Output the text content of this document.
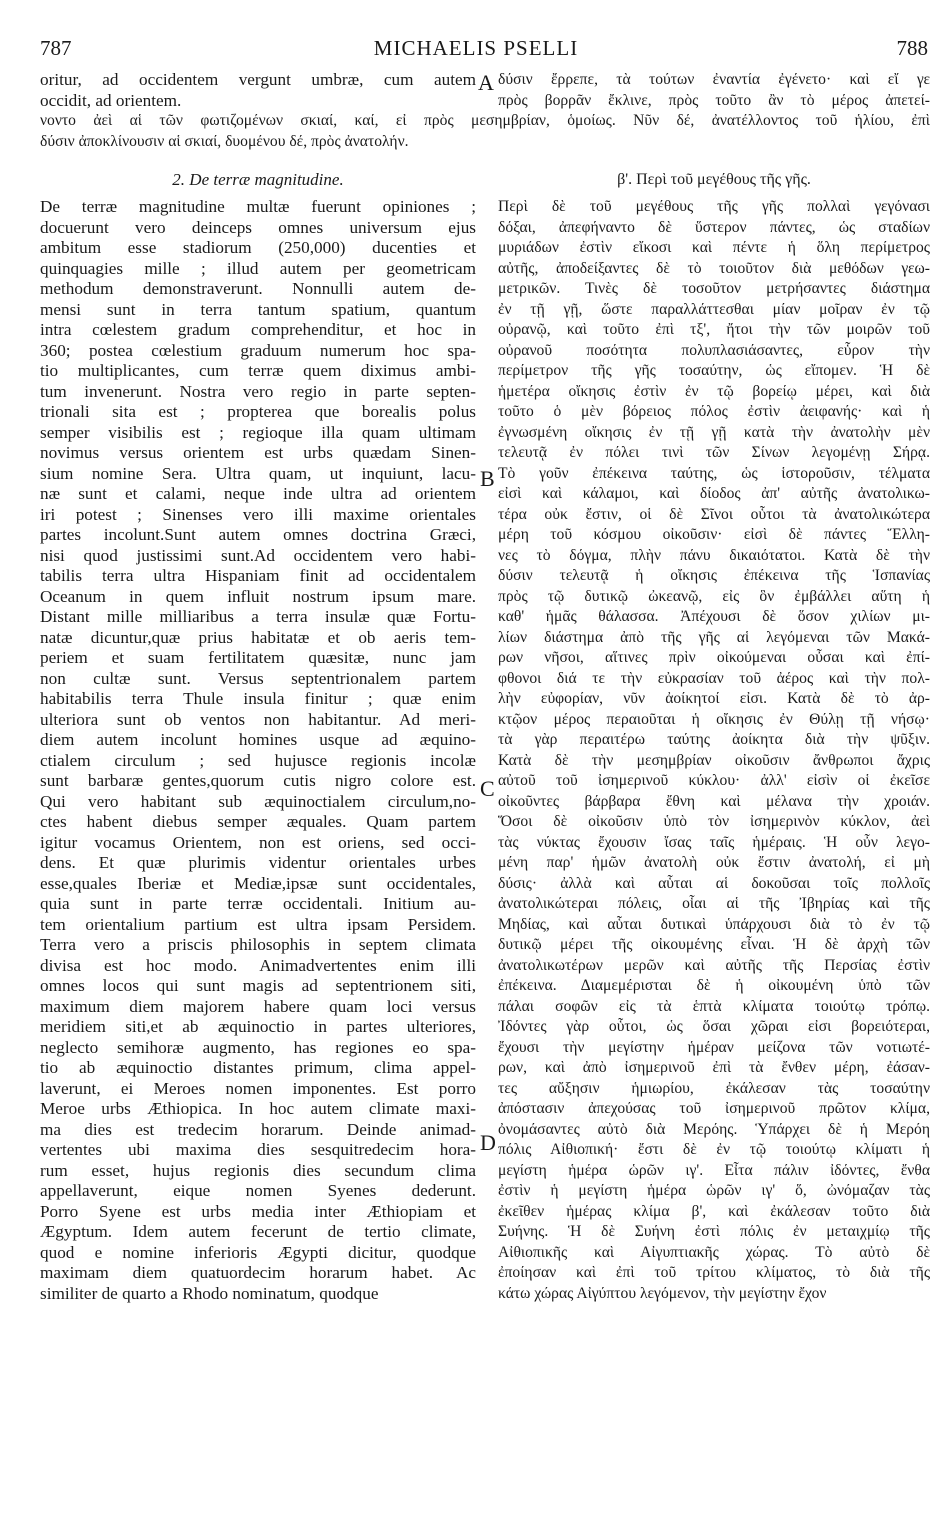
787	MICHAELIS PSELLI	788
oritur, ad occidentem vergunt umbræ, cum autem
occidit, ad orientem.
δύσιν ἔρρεπε, τὰ τούτων ἐναντία ἐγένετο· καὶ εἴ γε
πρὸς βορρᾶν ἔκλινε, πρὸς τοῦτο ἂν τὸ μέρος ἀπετεί-
νοντο ἀεὶ αἱ τῶν φωτιζομένων σκιαί, καί, εἰ πρὸς μεσημβρίαν, ὁμοίως. Νῦν δέ, ἀνατέλλοντος τοῦ ἡλίου, ἐπὶ
δύσιν ἀποκλίνουσιν αἱ σκιαί, δυομένου δέ, πρὸς ἀνατολήν.
A
B
C
D
2. De terræ magnitudine.
De terræ magnitudine multæ fuerunt opiniones ;
docuerunt vero deinceps omnes universum ejus
ambitum esse stadiorum (250,000) ducenties et
quinquagies mille ; illud autem per geometricam
methodum demonstraverunt. Nonnulli autem de-
mensi sunt in terra tantum spatium, quantum
intra cœlestem gradum comprehenditur, et hoc in
360; postea cœlestium graduum numerum hoc spa-
tio multiplicantes, cum terræ quem diximus ambi-
tum invenerunt. Nostra vero regio in parte septen-
trionali sita est ; propterea que borealis polus
semper visibilis est ; regioque illa quam ultimam
novimus versus orientem est urbs quædam Sinen-
sium nomine Sera. Ultra quam, ut inquiunt, lacu-
næ sunt et calami, neque inde ultra ad orientem
iri potest ; Sinenses vero illi maxime orientales
partes incolunt.Sunt autem omnes doctrina Græci,
nisi quod justissimi sunt.Ad occidentem vero habi-
tabilis terra ultra Hispaniam finit ad occidentalem
Oceanum in quem influit nostrum ipsum mare.
Distant mille milliaribus a terra insulæ quæ Fortu-
natæ dicuntur,quæ prius habitatæ et ob aeris tem-
periem et suam fertilitatem quæsitæ, nunc jam
non cultæ sunt. Versus septentrionalem partem
habitabilis terra Thule insula finitur ; quæ enim
ulteriora sunt ob ventos non habitantur. Ad meri-
diem autem incolunt homines usque ad æquino-
ctialem circulum ; sed hujusce regionis incolæ
sunt barbaræ gentes,quorum cutis nigro colore est.
Qui vero habitant sub æquinoctialem circulum,no-
ctes habent diebus semper æquales. Quam partem
igitur vocamus Orientem, non est oriens, sed occi-
dens. Et quæ plurimis videntur orientales urbes
esse,quales Iberiæ et Mediæ,ipsæ sunt occidentales,
quia sunt in parte terræ occidentali. Initium au-
tem orientalium partium est ultra ipsam Persidem.
Terra vero a priscis philosophis in septem climata
divisa est hoc modo. Animadvertentes enim illi
omnes locos qui sunt magis ad septentrionem siti,
maximum diem majorem habere quam loci versus
meridiem siti,et ab æquinoctio in partes ulteriores,
neglecto semihoræ augmento, has regiones eo spa-
tio ab æquinoctio distantes primum, clima appel-
laverunt, ei Meroes nomen imponentes. Est porro
Meroe urbs Æthiopica. In hoc autem climate maxi-
ma dies est tredecim horarum. Deinde animad-
vertentes ubi maxima dies sesquitredecim hora-
rum esset, hujus regionis dies secundum clima
appellaverunt, eique nomen Syenes dederunt.
Porro Syene est urbs media inter Æthiopiam et
Ægyptum. Idem autem fecerunt de tertio climate,
quod e nomine inferioris Ægypti dicitur, quodque
maximam diem quatuordecim horarum habet. Ac
similiter de quarto a Rhodo nominatum, quodque
β'. Περὶ τοῦ μεγέθους τῆς γῆς.
Περὶ δὲ τοῦ μεγέθους τῆς γῆς πολλαὶ γεγόνασι
δόξαι, ἀπεφήναντο δὲ ὕστερον πάντες, ὡς σταδίων
μυριάδων ἐστὶν εἴκοσι καὶ πέντε ἡ ὅλη περίμετρος
αὐτῆς, ἀποδείξαντες δὲ τὸ τοιοῦτον διὰ μεθόδων γεω-
μετρικῶν. Τινὲς δὲ τοσοῦτον μετρήσαντες διάστημα
ἐν τῇ γῇ, ὥστε παραλλάττεσθαι μίαν μοῖραν ἐν τῷ
οὐρανῷ, καὶ τοῦτο ἐπὶ τξ', ἤτοι τὴν τῶν μοιρῶν τοῦ
οὐρανοῦ ποσότητα πολυπλασιάσαντες, εὗρον τὴν
περίμετρον τῆς γῆς τοσαύτην, ὡς εἴπομεν. Ἡ δὲ
ἡμετέρα οἴκησις ἐστὶν ἐν τῷ βορείῳ μέρει, καὶ διὰ
τοῦτο ὁ μὲν βόρειος πόλος ἐστὶν ἀειφανής· καὶ ἡ
ἐγνωσμένη οἴκησις ἐν τῇ γῇ κατὰ τὴν ἀνατολὴν μὲν
τελευτᾷ ἐν πόλει τινὶ τῶν Σίνων λεγομένῃ Σήρᾳ.
Τὸ γοῦν ἐπέκεινα ταύτης, ὡς ἱστοροῦσιν, τέλματα
εἰσὶ καὶ κάλαμοι, καὶ δίοδος ἀπ' αὐτῆς ἀνατολικω-
τέρα οὐκ ἔστιν, οἱ δὲ Σῖνοι οὗτοι τὰ ἀνατολικώτερα
μέρη τοῦ κόσμου οἰκοῦσιν· εἰσὶ δὲ πάντες Ἕλλη-
νες τὸ δόγμα, πλὴν πάνυ δικαιότατοι. Κατὰ δὲ τὴν
δύσιν τελευτᾷ ἡ οἴκησις ἐπέκεινα τῆς Ἱσπανίας
πρὸς τῷ δυτικῷ ὠκεανῷ, εἰς ὃν ἐμβάλλει αὕτη ἡ
καθ' ἡμᾶς θάλασσα. Ἀπέχουσι δὲ ὅσον χιλίων μι-
λίων διάστημα ἀπὸ τῆς γῆς αἱ λεγόμεναι τῶν Μακά-
ρων νῆσοι, αἵτινες πρὶν οἰκούμεναι οὖσαι καὶ ἐπί-
φθονοι διά τε τὴν εὐκρασίαν τοῦ ἀέρος καὶ τὴν πολ-
λὴν εὐφορίαν, νῦν ἀοίκητοί εἰσι. Κατὰ δὲ τὸ ἀρ-
κτῷον μέρος περαιοῦται ἡ οἴκησις ἐν Θύλῃ τῇ νήσῳ·
τὰ γὰρ περαιτέρω ταύτης ἀοίκητα διὰ τὴν ψῦξιν.
Κατὰ δὲ τὴν μεσημβρίαν οἰκοῦσιν ἄνθρωποι ἄχρις
αὐτοῦ τοῦ ἰσημερινοῦ κύκλου· ἀλλ' εἰσὶν οἱ ἐκεῖσε
οἰκοῦντες βάρβαρα ἔθνη καὶ μέλανα τὴν χροιάν.
Ὅσοι δὲ οἰκοῦσιν ὑπὸ τὸν ἰσημερινὸν κύκλον, ἀεὶ
τὰς νύκτας ἔχουσιν ἴσας ταῖς ἡμέραις. Ἡ οὖν λεγο-
μένη παρ' ἡμῶν ἀνατολὴ οὐκ ἔστιν ἀνατολή, εἰ μὴ
δύσις· ἀλλὰ καὶ αὗται αἱ δοκοῦσαι τοῖς πολλοῖς
ἀνατολικώτεραι πόλεις, οἷαι αἱ τῆς Ἰβηρίας καὶ τῆς
Μηδίας, καὶ αὗται δυτικαὶ ὑπάρχουσι διὰ τὸ ἐν τῷ
δυτικῷ μέρει τῆς οἰκουμένης εἶναι. Ἡ δὲ ἀρχὴ τῶν
ἀνατολικωτέρων μερῶν καὶ αὐτῆς τῆς Περσίας ἐστὶν
ἐπέκεινα. Διαμεμέρισται δὲ ἡ οἰκουμένη ὑπὸ τῶν
πάλαι σοφῶν εἰς τὰ ἑπτὰ κλίματα τοιούτῳ τρόπῳ.
Ἰδόντες γὰρ οὗτοι, ὡς ὅσαι χῶραι εἰσι βορειότεραι,
ἔχουσι τὴν μεγίστην ἡμέραν μείζονα τῶν νοτιωτέ-
ρων, καὶ ἀπὸ ἰσημερινοῦ ἐπὶ τὰ ἔνθεν μέρη, ἐάσαν-
τες αὔξησιν ἡμιωρίου, ἐκάλεσαν τὰς τοσαύτην
ἀπόστασιν ἀπεχούσας τοῦ ἰσημερινοῦ πρῶτον κλίμα,
ὀνομάσαντες αὐτὸ διὰ Μερόης. Ὑπάρχει δὲ ἡ Μερόη
πόλις Αἰθιοπική· ἔστι δὲ ἐν τῷ τοιούτῳ κλίματι ἡ
μεγίστη ἡμέρα ὡρῶν ιγ'. Εἶτα πάλιν ἰδόντες, ἔνθα
ἐστὶν ἡ μεγίστη ἡμέρα ὡρῶν ιγ' ὅ, ὠνόμαζαν τὰς
ἐκεῖθεν ἡμέρας κλίμα β', καὶ ἐκάλεσαν τοῦτο διὰ
Συήνης. Ἡ δὲ Συήνη ἐστὶ πόλις ἐν μεταιχμίῳ τῆς
Αἰθιοπικῆς καὶ Αἰγυπτιακῆς χώρας. Τὸ αὐτὸ δὲ
ἐποίησαν καὶ ἐπὶ τοῦ τρίτου κλίματος, τὸ διὰ τῆς
κάτω χώρας Αἰγύπτου λεγόμενον, τὴν μεγίστην ἔχον
